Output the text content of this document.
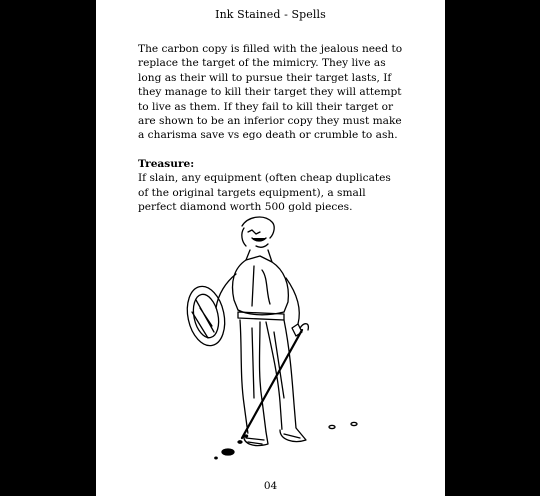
Ink Stained - Spells

The carbon copy is filled with the jealous need to replace the target of the mimicry. They live as long as their will to pursue their target lasts, If they manage to kill their target they will attempt to live as them. If they fail to kill their target or are shown to be an inferior copy they must make a charisma save vs ego death or crumble to ash.

Treasure:

If slain, any equipment (often cheap duplicates of the original targets equipment), a small perfect diamond worth 500 gold pieces.

04
